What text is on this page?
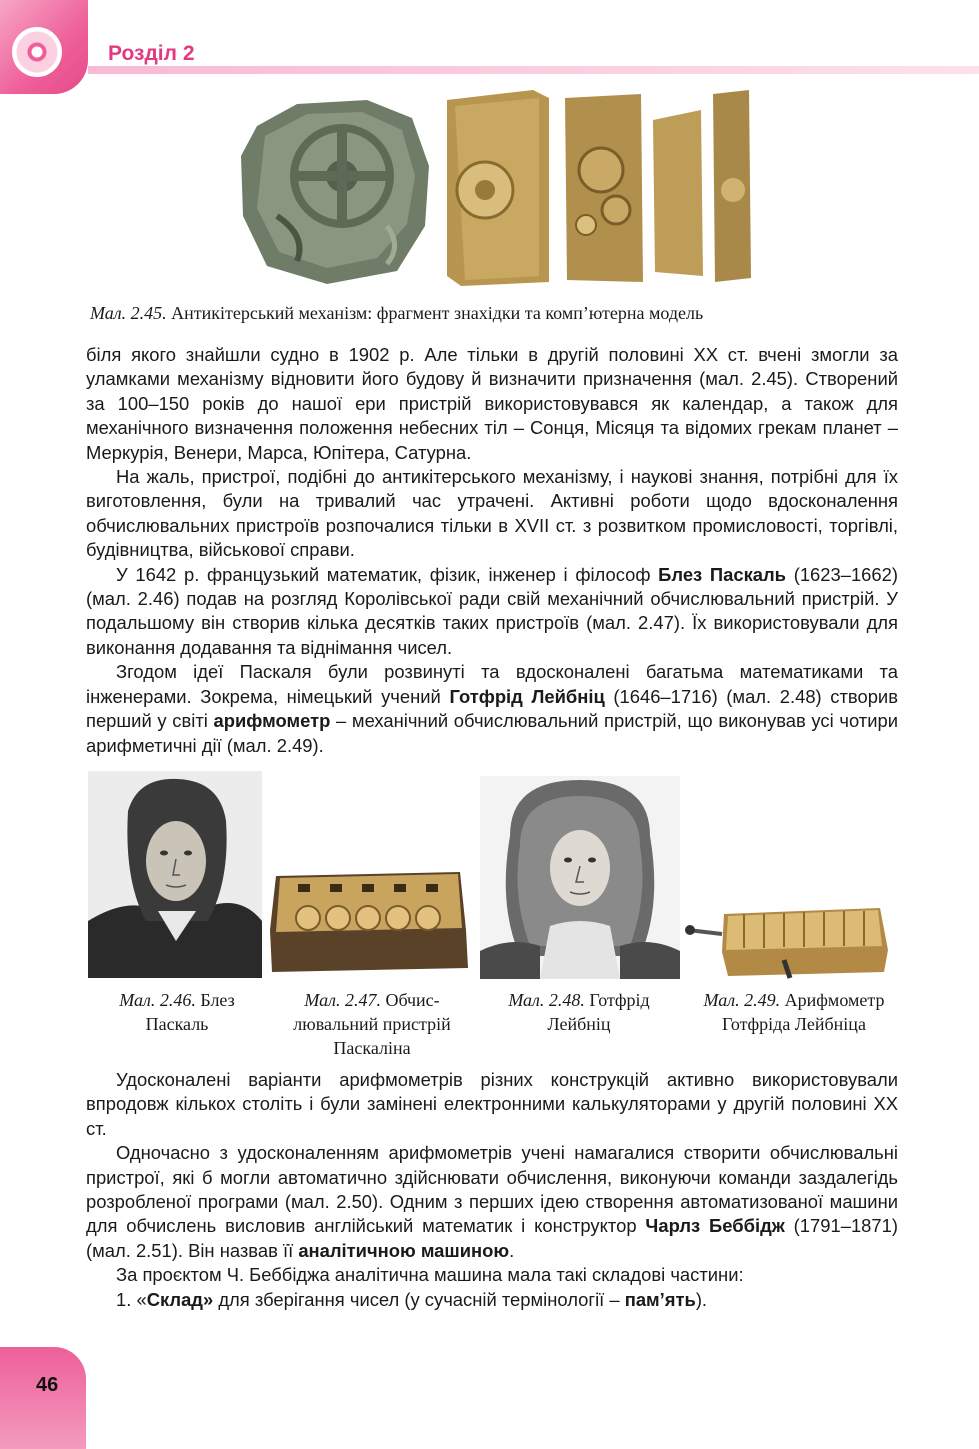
Розділ 2
Мал. 2.45. Антикітерський механізм: фрагмент знахідки та комп’ютерна модель

біля якого знайшли судно в 1902 р. Але тільки в другій половині XX ст. вчені змогли за уламками механізму відновити його будову й визначити призначення (мал. 2.45). Створений за 100–150 років до нашої ери пристрій використовувався як календар, а також для механічного визначення положення небесних тіл – Сонця, Місяця та відомих грекам планет – Меркурія, Венери, Марса, Юпітера, Сатурна.

На жаль, пристрої, подібні до антикітерського механізму, і наукові знання, потрібні для їх виготовлення, були на тривалий час утрачені. Активні роботи щодо вдосконалення обчислювальних пристроїв розпочалися тільки в XVII ст. з розвитком промисловості, торгівлі, будівництва, військової справи.

У 1642 р. французький математик, фізик, інженер і філософ Блез Паскаль (1623–1662) (мал. 2.46) подав на розгляд Королівської ради свій механічний обчислювальний пристрій. У подальшому він створив кілька десятків таких пристроїв (мал. 2.47). Їх використовували для виконання додавання та віднімання чисел.

Згодом ідеї Паскаля були розвинуті та вдосконалені багатьма математиками та інженерами. Зокрема, німецький учений Готфрід Лейбніц (1646–1716) (мал. 2.48) створив перший у світі арифмометр – механічний обчислювальний пристрій, що виконував усі чотири арифметичні дії (мал. 2.49).

Мал. 2.46. Блез Паскаль
Мал. 2.47. Обчислювальний пристрій Паскаліна
Мал. 2.48. Готфрід Лейбніц
Мал. 2.49. Арифмометр Готфріда Лейбніца

Удосконалені варіанти арифмометрів різних конструкцій активно використовували впродовж кількох століть і були замінені електронними калькуляторами у другій половині XX ст.

Одночасно з удосконаленням арифмометрів учені намагалися створити обчислювальні пристрої, які б могли автоматично здійснювати обчислення, виконуючи команди заздалегідь розробленої програми (мал. 2.50). Одним з перших ідею створення автоматизованої машини для обчислень висловив англійський математик і конструктор Чарлз Беббідж (1791–1871) (мал. 2.51). Він назвав її аналітичною машиною.

За проєктом Ч. Беббіджа аналітична машина мала такі складові частини:

1. «Склад» для зберігання чисел (у сучасній термінології – пам’ять).

46
